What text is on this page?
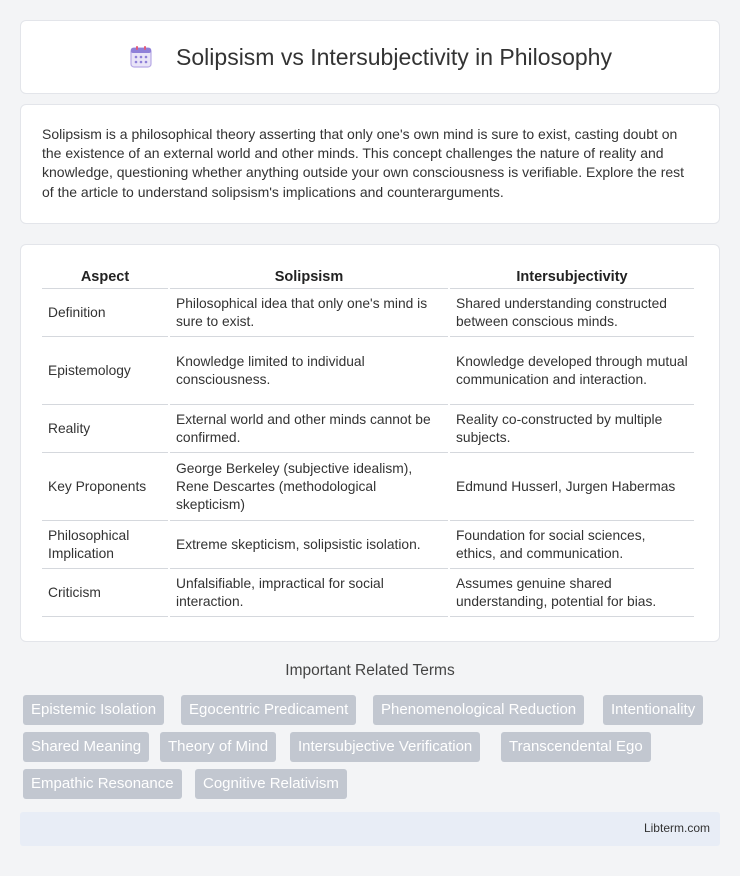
Solipsism vs Intersubjectivity in Philosophy

Solipsism is a philosophical theory asserting that only one's own mind is sure to exist, casting doubt on the existence of an external world and other minds. This concept challenges the nature of reality and knowledge, questioning whether anything outside your own consciousness is verifiable. Explore the rest of the article to understand solipsism's implications and counterarguments.

Aspect	Solipsism	Intersubjectivity
Definition	Philosophical idea that only one's mind is sure to exist.	Shared understanding constructed between conscious minds.
Epistemology	Knowledge limited to individual consciousness.	Knowledge developed through mutual communication and interaction.
Reality	External world and other minds cannot be confirmed.	Reality co-constructed by multiple subjects.
Key Proponents	George Berkeley (subjective idealism), Rene Descartes (methodological skepticism)	Edmund Husserl, Jurgen Habermas
Philosophical Implication	Extreme skepticism, solipsistic isolation.	Foundation for social sciences, ethics, and communication.
Criticism	Unfalsifiable, impractical for social interaction.	Assumes genuine shared understanding, potential for bias.
Important Related Terms
Epistemic Isolation	Egocentric Predicament	Phenomenological Reduction	Intentionality
Shared Meaning	Theory of Mind	Intersubjective Verification	Transcendental Ego
Empathic Resonance	Cognitive Relativism
Libterm.com
